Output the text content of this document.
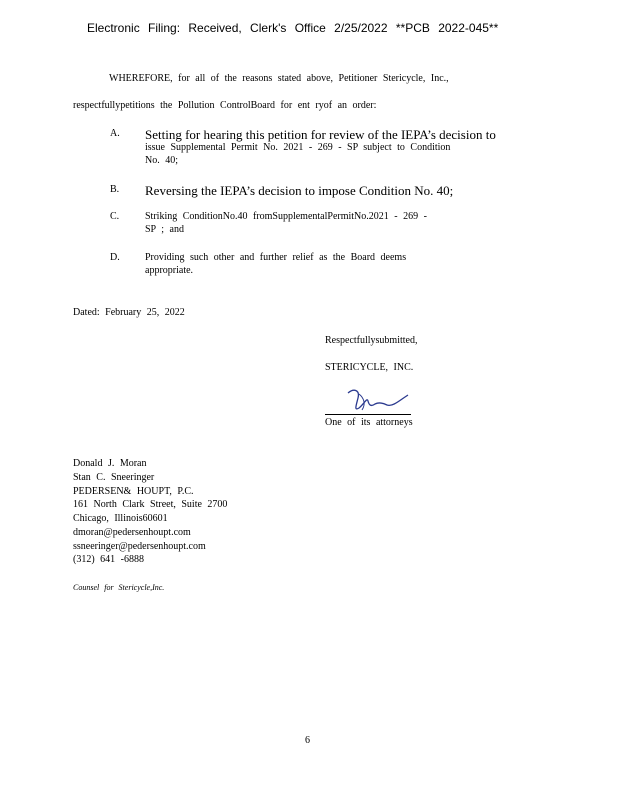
Electronic Filing: Received, Clerk's Office 2/25/2022 **PCB 2022-045**
WHEREFORE, for all of the reasons stated above, Petitioner Stericycle, Inc.,
respectfullypetitions the Pollution ControlBoard for ent ryof an order:
A. Setting for hearing this petition for review of the IEPA’s decision to
issue Supplemental Permit No. 2021 - 269 - SP subject to Condition
No. 40;
B. Reversing the IEPA’s decision to impose Condition No. 40;
C.	Striking ConditionNo.40 fromSupplementalPermitNo.2021 - 269 -
SP ; and
D.	Providing such other and further relief as the Board deems
appropriate.
Dated: February 25, 2022
Respectfullysubmitted,
STERICYCLE, INC.
One of its attorneys
Donald J. Moran
Stan C. Sneeringer
PEDERSEN& HOUPT, P.C.
161 North Clark Street, Suite 2700
Chicago, Illinois60601
dmoran@pedersenhoupt.com
ssneeringer@pedersenhoupt.com
(312) 641 -6888
Counsel for Stericycle,Inc.
6
